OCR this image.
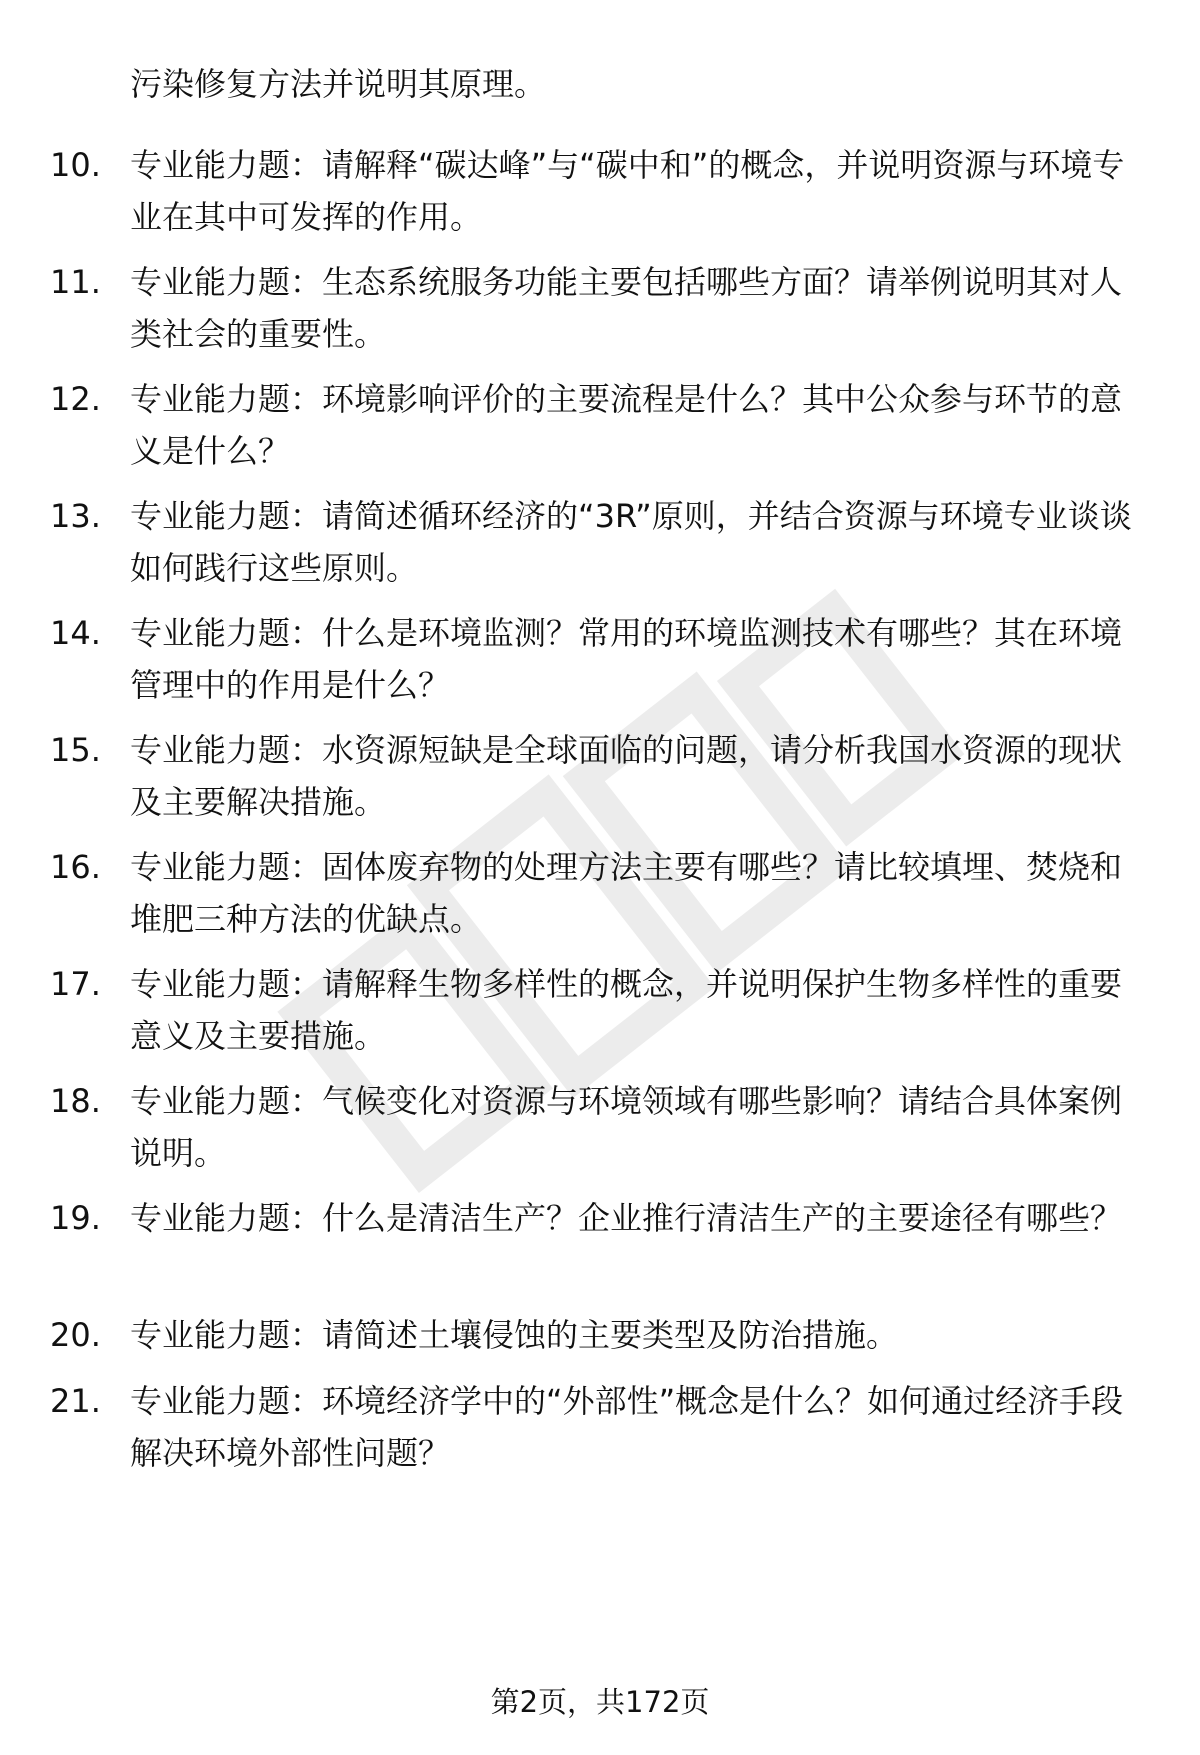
污染修复方法并说明其原理。
10. 专业能力题：请解释“碳达峰”与“碳中和”的概念，并说明资源与环境专业在其中可发挥的作用。
11. 专业能力题：生态系统服务功能主要包括哪些方面？请举例说明其对人类社会的重要性。
12. 专业能力题：环境影响评价的主要流程是什么？其中公众参与环节的意义是什么？
13. 专业能力题：请简述循环经济的“3R”原则，并结合资源与环境专业谈谈如何践行这些原则。
14. 专业能力题：什么是环境监测？常用的环境监测技术有哪些？其在环境管理中的作用是什么？
15. 专业能力题：水资源短缺是全球面临的问题，请分析我国水资源的现状及主要解决措施。
16. 专业能力题：固体废弃物的处理方法主要有哪些？请比较填埋、焚烧和堆肥三种方法的优缺点。
17. 专业能力题：请解释生物多样性的概念，并说明保护生物多样性的重要意义及主要措施。
18. 专业能力题：气候变化对资源与环境领域有哪些影响？请结合具体案例说明。
19. 专业能力题：什么是清洁生产？企业推行清洁生产的主要途径有哪些？
20. 专业能力题：请简述土壤侵蚀的主要类型及防治措施。
21. 专业能力题：环境经济学中的“外部性”概念是什么？如何通过经济手段解决环境外部性问题？
第2页，共172页
